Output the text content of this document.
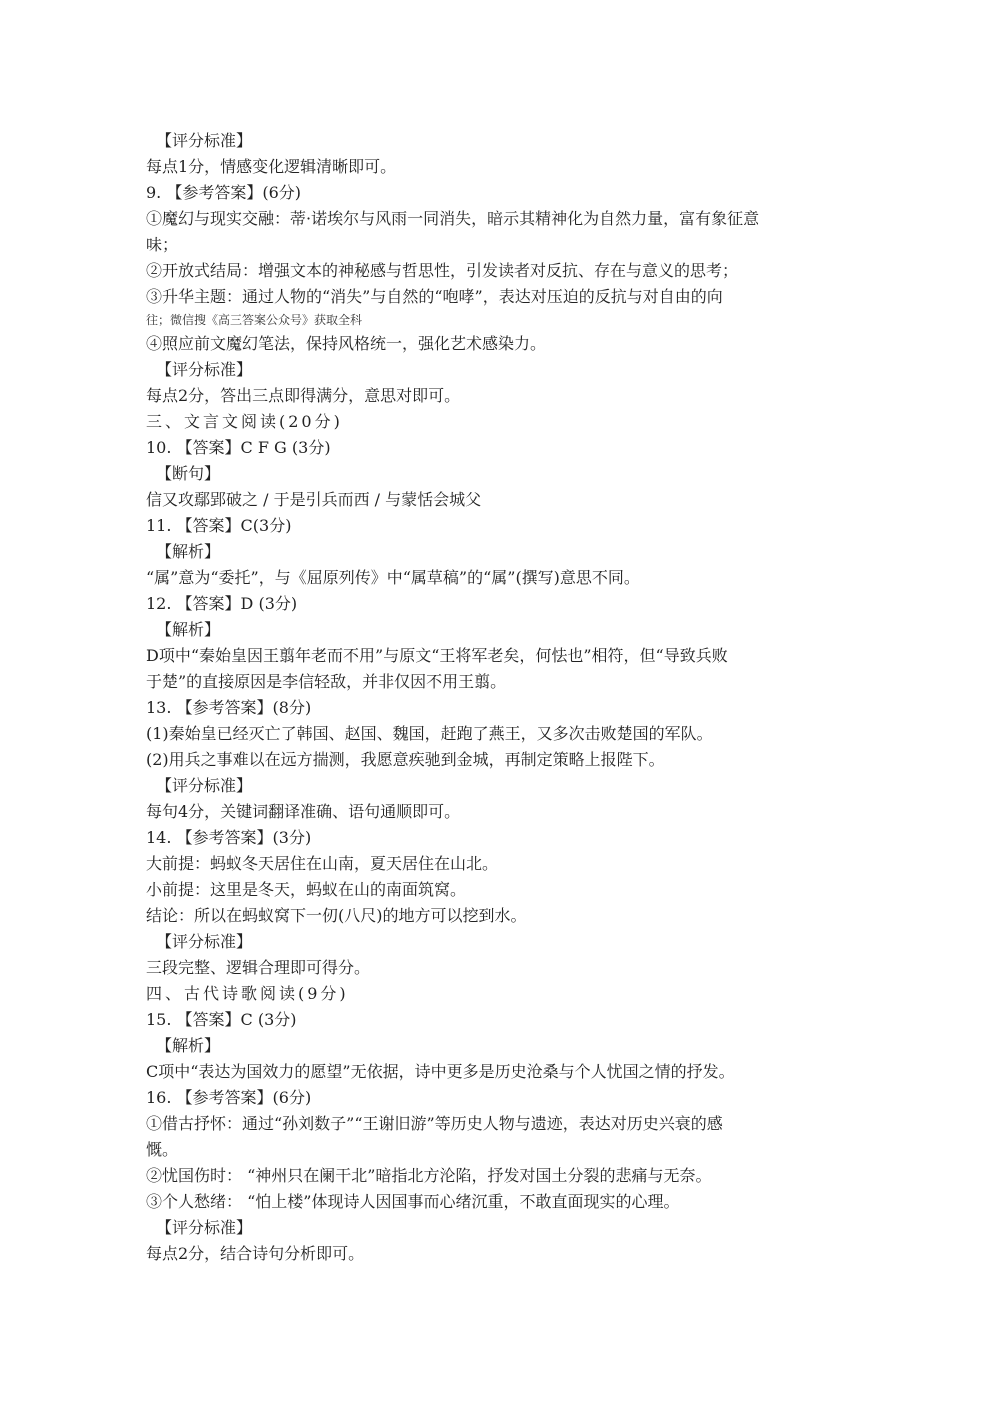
【评分标准】
每点1分，情感变化逻辑清晰即可。
9. 【参考答案】(6分)
①魔幻与现实交融：蒂·诺埃尔与风雨一同消失，暗示其精神化为自然力量，富有象征意
味；
②开放式结局：增强文本的神秘感与哲思性，引发读者对反抗、存在与意义的思考；
③升华主题：通过人物的“消失”与自然的“咆哮”，表达对压迫的反抗与对自由的向
往；微信搜《高三答案公众号》获取全科
④照应前文魔幻笔法，保持风格统一，强化艺术感染力。
【评分标准】
每点2分，答出三点即得满分，意思对即可。
三、文言文阅读(20分)
10. 【答案】C F G (3分)
【断句】
信又攻鄢郢破之 / 于是引兵而西 / 与蒙恬会城父
11. 【答案】C(3分)
【解析】
“属”意为“委托”，与《屈原列传》中“属草稿”的“属”(撰写)意思不同。
12. 【答案】D (3分)
【解析】
D项中“秦始皇因王翦年老而不用”与原文“王将军老矣，何怯也”相符，但“导致兵败
于楚”的直接原因是李信轻敌，并非仅因不用王翦。
13. 【参考答案】(8分)
(1)秦始皇已经灭亡了韩国、赵国、魏国，赶跑了燕王，又多次击败楚国的军队。
(2)用兵之事难以在远方揣测，我愿意疾驰到金城，再制定策略上报陛下。
【评分标准】
每句4分，关键词翻译准确、语句通顺即可。
14. 【参考答案】(3分)
大前提：蚂蚁冬天居住在山南，夏天居住在山北。
小前提：这里是冬天，蚂蚁在山的南面筑窝。
结论：所以在蚂蚁窝下一仞(八尺)的地方可以挖到水。
【评分标准】
三段完整、逻辑合理即可得分。
四、古代诗歌阅读(9分)
15. 【答案】C (3分)
【解析】
C项中“表达为国效力的愿望”无依据，诗中更多是历史沧桑与个人忧国之情的抒发。
16. 【参考答案】(6分)
①借古抒怀：通过“孙刘数子”“王谢旧游”等历史人物与遗迹，表达对历史兴衰的感
慨。
②忧国伤时： “神州只在阑干北”暗指北方沦陷，抒发对国土分裂的悲痛与无奈。
③个人愁绪： “怕上楼”体现诗人因国事而心绪沉重，不敢直面现实的心理。
【评分标准】
每点2分，结合诗句分析即可。
